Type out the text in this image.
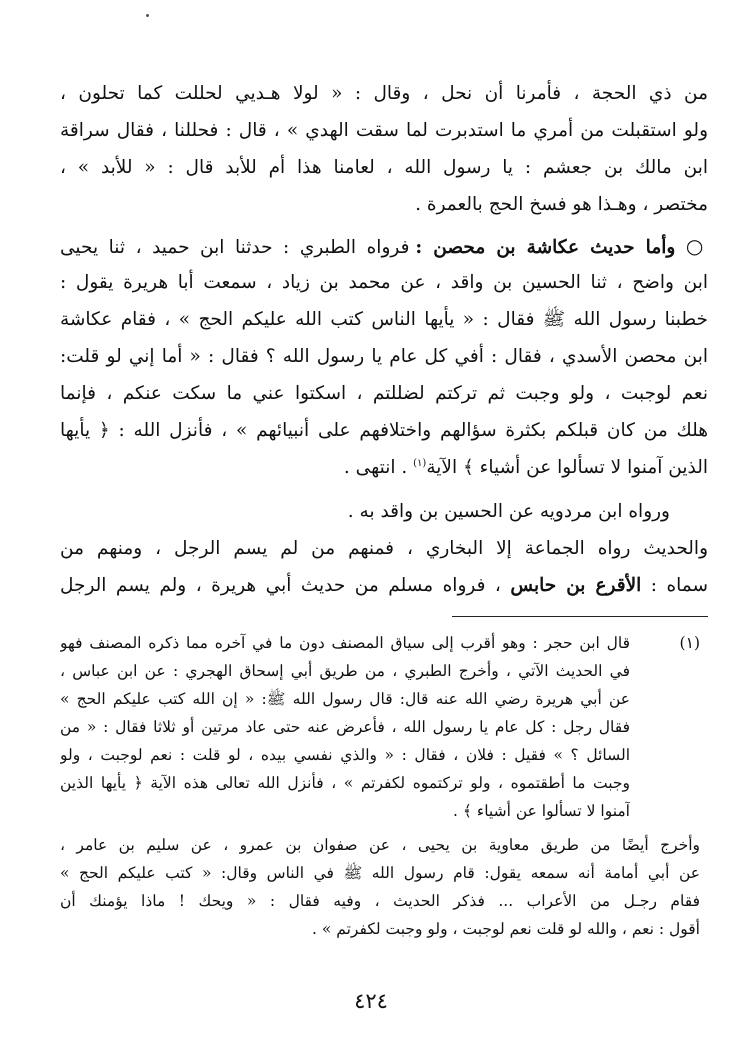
من ذي الحجة ، فأمرنا أن نحل ، وقال : « لولا هـديي لحللت كما تحلون ،
ولو استقبلت من أمري ما استدبرت لما سقت الهدي » ، قال : فحللنا ، فقال سراقة
ابن مالك بن جعشم : يا رسول الله ، لعامنا هذا أم للأبد قال : « للأبد » ،
مختصر ، وهـذا هو فسخ الحج بالعمرة .
○ وأما حديث عكاشة بن محصن : فرواه الطبري : حدثنا ابن حميد ، ثنا يحيى
ابن واضح ، ثنا الحسين بن واقد ، عن محمد بن زياد ، سمعت أبا هريرة يقول :
خطبنا رسول الله ﷺ فقال : « يأيها الناس كتب الله عليكم الحج » ، فقام عكاشة
ابن محصن الأسدي ، فقال : أفي كل عام يا رسول الله ؟ فقال : « أما إني لو قلت:
نعم لوجبت ، ولو وجبت ثم تركتم لضللتم ، اسكتوا عني ما سكت عنكم ، فإنما
هلك من كان قبلكم بكثرة سؤالهم واختلافهم على أنبيائهم » ، فأنزل الله : ﴿ يأيها
الذين آمنوا لا تسألوا عن أشياء ﴾ الآية$^{(١)}$ . انتهى .
ورواه ابن مردويه عن الحسين بن واقد به .
والحديث رواه الجماعة إلا البخاري ، فمنهم من لم يسم الرجل ، ومنهم من
سماه : الأقرع بن حابس ، فرواه مسلم من حديث أبي هريرة ، ولم يسم الرجل
(١)
قال ابن حجر : وهو أقرب إلى سياق المصنف دون ما في آخره مما ذكره المصنف فهو
في الحديث الآتي ، وأخرج الطبري ، من طريق أبي إسحاق الهجري : عن ابن عباس ،
عن أبي هريرة رضي الله عنه قال: قال رسول الله ﷺ: « إن الله كتب عليكم الحج »
فقال رجل : كل عام يا رسول الله ، فأعرض عنه حتى عاد مرتين أو ثلاثا فقال : « من
السائل ؟ » فقيل : فلان ، فقال : « والذي نفسي بيده ، لو قلت : نعم لوجبت ، ولو
وجبت ما أطقتموه ، ولو تركتموه لكفرتم » ، فأنزل الله تعالى هذه الآية ﴿ يأيها الذين
آمنوا لا تسألوا عن أشياء ﴾ .
وأخرج أيضًا من طريق معاوية بن يحيى ، عن صفوان بن عمرو ، عن سليم بن عامر ،
عن أبي أمامة أنه سمعه يقول: قام رسول الله ﷺ في الناس وقال: « كتب عليكم الحج »
فقام رجـل من الأعراب ... فذكر الحديث ، وفيه فقال : « ويحك ! ماذا يؤمنك أن
أقول : نعم ، والله لو قلت نعم لوجبت ، ولو وجبت لكفرتم » .
٤٢٤
